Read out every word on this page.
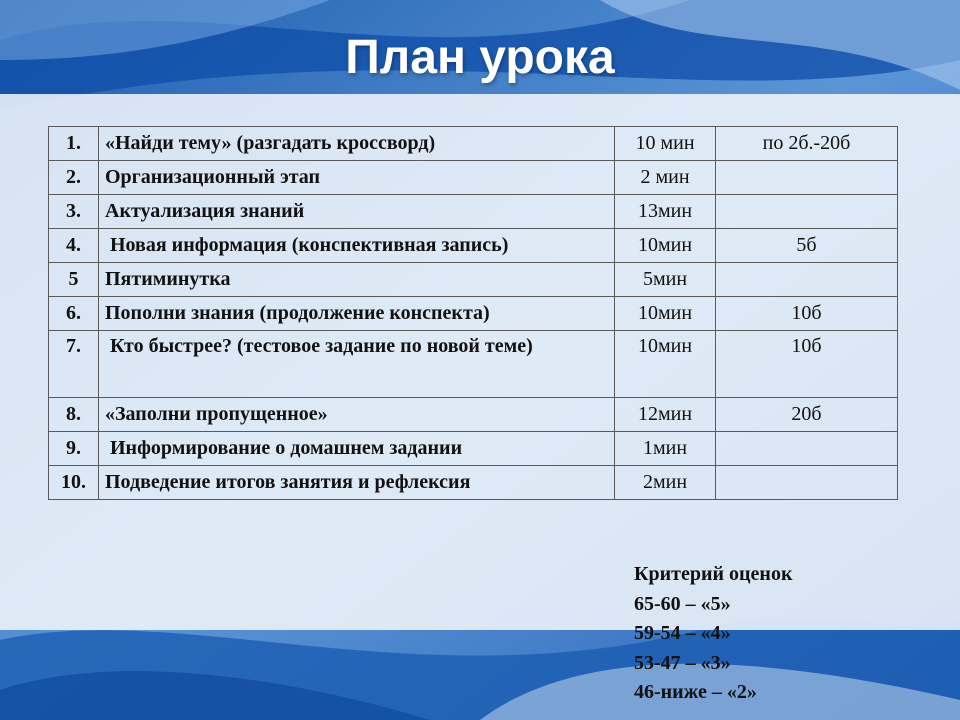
План урока
1.	«Найди тему» (разгадать кроссворд)	10 мин	по 2б.-20б
2.	Организационный этап	2 мин	
3.	Актуализация знаний	13мин	
4.	Новая информация (конспективная запись)	10мин	5б
5	Пятиминутка	5мин	
6.	Пополни знания (продолжение конспекта)	10мин	10б
7.	Кто быстрее? (тестовое задание по новой теме)	10мин	10б
8.	«Заполни пропущенное»	12мин	20б
9.	Информирование о домашнем задании	1мин	
10.	Подведение итогов занятия и рефлексия	2мин	
Критерий оценок
65-60 – «5»
59-54 – «4»
53-47 – «3»
46-ниже – «2»
